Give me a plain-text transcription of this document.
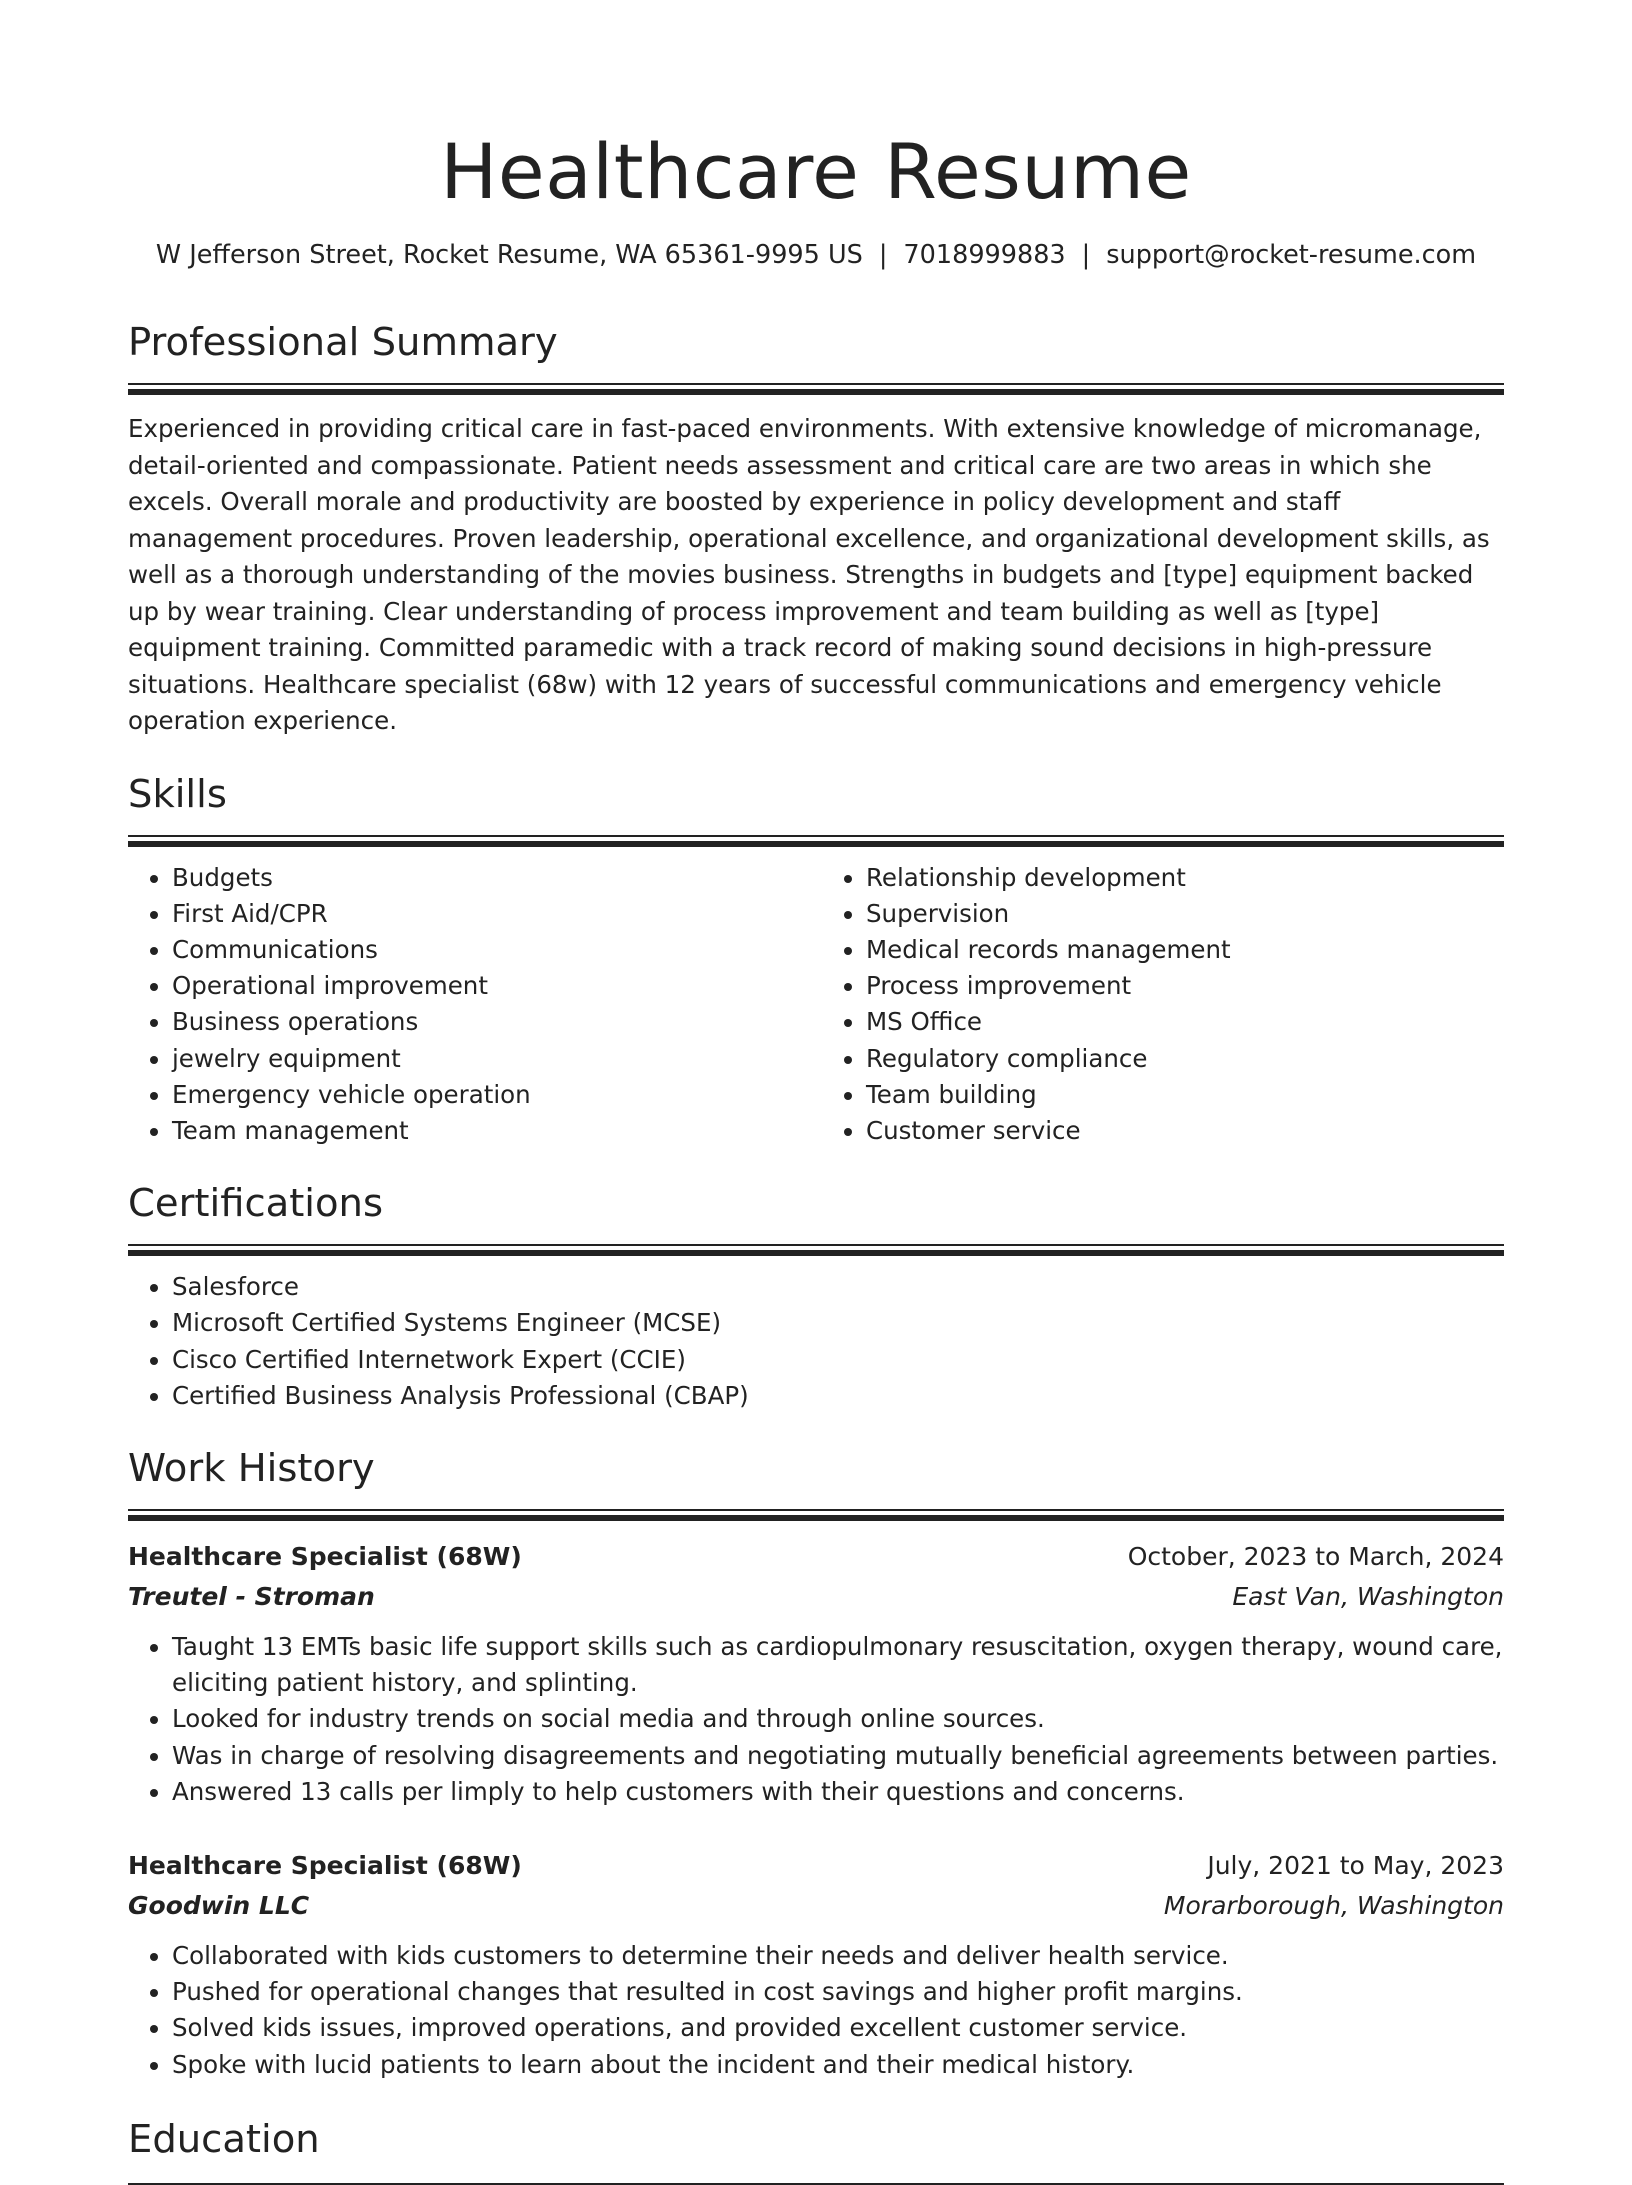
Healthcare Resume
W Jefferson Street, Rocket Resume, WA 65361-9995 US | 7018999883 | support@rocket-resume.com
Professional Summary

Experienced in providing critical care in fast-paced environments. With extensive knowledge of micromanage, detail-oriented and compassionate. Patient needs assessment and critical care are two areas in which she excels. Overall morale and productivity are boosted by experience in policy development and staff management procedures. Proven leadership, operational excellence, and organizational development skills, as well as a thorough understanding of the movies business. Strengths in budgets and [type] equipment backed up by wear training. Clear understanding of process improvement and team building as well as [type] equipment training. Committed paramedic with a track record of making sound decisions in high-pressure situations. Healthcare specialist (68w) with 12 years of successful communications and emergency vehicle operation experience.

Skills
• Budgets
• First Aid/CPR
• Communications
• Operational improvement
• Business operations
• jewelry equipment
• Emergency vehicle operation
• Team management
• Relationship development
• Supervision
• Medical records management
• Process improvement
• MS Office
• Regulatory compliance
• Team building
• Customer service
Certifications
• Salesforce
• Microsoft Certified Systems Engineer (MCSE)
• Cisco Certified Internetwork Expert (CCIE)
• Certified Business Analysis Professional (CBAP)
Work History
Healthcare Specialist (68W)	October, 2023 to March, 2024
Treutel - Stroman	East Van, Washington
• Taught 13 EMTs basic life support skills such as cardiopulmonary resuscitation, oxygen therapy, wound care, eliciting patient history, and splinting.
• Looked for industry trends on social media and through online sources.
• Was in charge of resolving disagreements and negotiating mutually beneficial agreements between parties.
• Answered 13 calls per limply to help customers with their questions and concerns.
Healthcare Specialist (68W)	July, 2021 to May, 2023
Goodwin LLC	Morarborough, Washington
• Collaborated with kids customers to determine their needs and deliver health service.
• Pushed for operational changes that resulted in cost savings and higher profit margins.
• Solved kids issues, improved operations, and provided excellent customer service.
• Spoke with lucid patients to learn about the incident and their medical history.
Education
